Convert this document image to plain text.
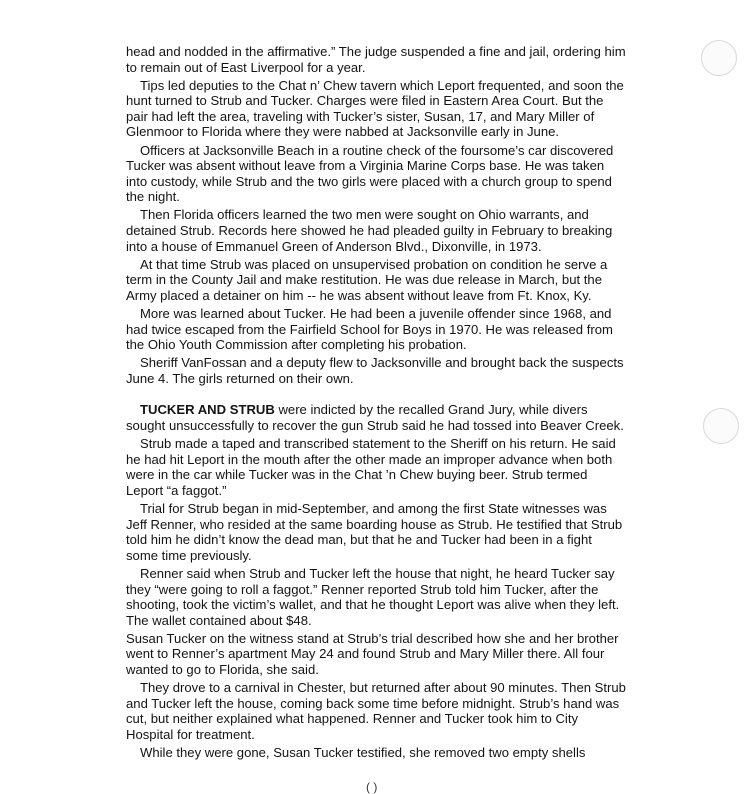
head and nodded in the affirmative.” The judge suspended a fine and jail, ordering him to remain out of East Liverpool for a year.

Tips led deputies to the Chat n’ Chew tavern which Leport frequented, and soon the hunt turned to Strub and Tucker. Charges were filed in Eastern Area Court. But the pair had left the area, traveling with Tucker’s sister, Susan, 17, and Mary Miller of Glenmoor to Florida where they were nabbed at Jacksonville early in June.

Officers at Jacksonville Beach in a routine check of the foursome’s car discovered Tucker was absent without leave from a Virginia Marine Corps base. He was taken into custody, while Strub and the two girls were placed with a church group to spend the night.

Then Florida officers learned the two men were sought on Ohio warrants, and detained Strub. Records here showed he had pleaded guilty in February to breaking into a house of Emmanuel Green of Anderson Blvd., Dixonville, in 1973.

At that time Strub was placed on unsupervised probation on condition he serve a term in the County Jail and make restitution. He was due release in March, but the Army placed a detainer on him -- he was absent without leave from Ft. Knox, Ky.

More was learned about Tucker. He had been a juvenile offender since 1968, and had twice escaped from the Fairfield School for Boys in 1970. He was released from the Ohio Youth Commission after completing his probation.

Sheriff VanFossan and a deputy flew to Jacksonville and brought back the suspects June 4. The girls returned on their own.

TUCKER AND STRUB were indicted by the recalled Grand Jury, while divers sought unsuccessfully to recover the gun Strub said he had tossed into Beaver Creek.

Strub made a taped and transcribed statement to the Sheriff on his return. He said he had hit Leport in the mouth after the other made an improper advance when both were in the car while Tucker was in the Chat ’n Chew buying beer. Strub termed Leport “a faggot.”

Trial for Strub began in mid-September, and among the first State witnesses was Jeff Renner, who resided at the same boarding house as Strub. He testified that Strub told him he didn’t know the dead man, but that he and Tucker had been in a fight some time previously.

Renner said when Strub and Tucker left the house that night, he heard Tucker say they “were going to roll a faggot.” Renner reported Strub told him Tucker, after the shooting, took the victim’s wallet, and that he thought Leport was alive when they left. The wallet contained about $48.

Susan Tucker on the witness stand at Strub’s trial described how she and her brother went to Renner’s apartment May 24 and found Strub and Mary Miller there. All four wanted to go to Florida, she said.

They drove to a carnival in Chester, but returned after about 90 minutes. Then Strub and Tucker left the house, coming back some time before midnight. Strub’s hand was cut, but neither explained what happened. Renner and Tucker took him to City Hospital for treatment.

While they were gone, Susan Tucker testified, she removed two empty shells

( )
